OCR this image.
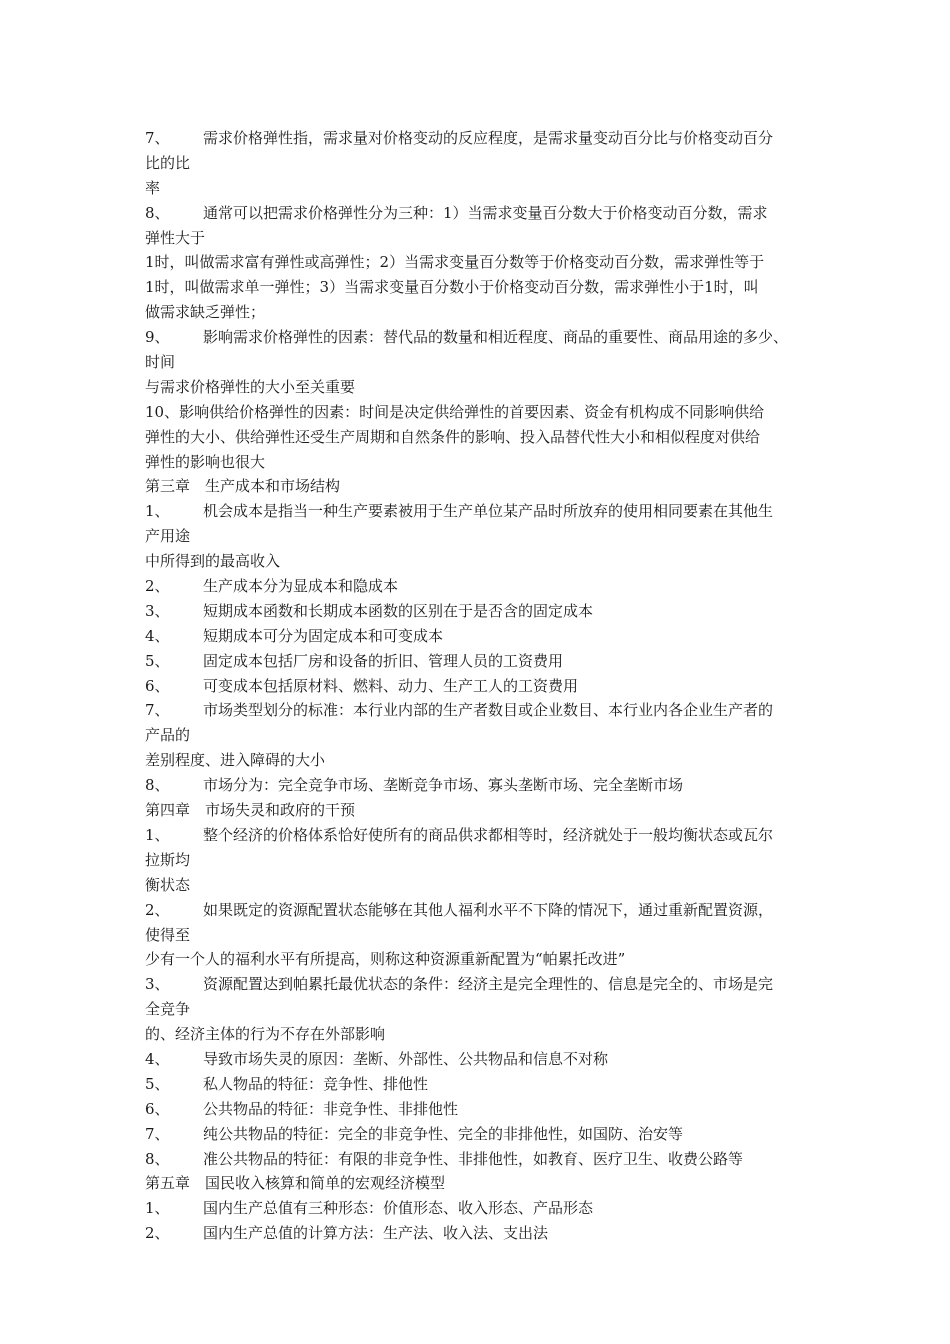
7、 需求价格弹性指，需求量对价格变动的反应程度，是需求量变动百分比与价格变动百分
比的比
率
8、 通常可以把需求价格弹性分为三种：1）当需求变量百分数大于价格变动百分数，需求
弹性大于
1时，叫做需求富有弹性或高弹性；2）当需求变量百分数等于价格变动百分数，需求弹性等于
1时，叫做需求单一弹性；3）当需求变量百分数小于价格变动百分数，需求弹性小于1时，叫
做需求缺乏弹性；
9、 影响需求价格弹性的因素：替代品的数量和相近程度、商品的重要性、商品用途的多少、
时间
与需求价格弹性的大小至关重要
10、影响供给价格弹性的因素：时间是决定供给弹性的首要因素、资金有机构成不同影响供给
弹性的大小、供给弹性还受生产周期和自然条件的影响、投入品替代性大小和相似程度对供给
弹性的影响也很大
第三章　生产成本和市场结构
1、 机会成本是指当一种生产要素被用于生产单位某产品时所放弃的使用相同要素在其他生
产用途
中所得到的最高收入
2、 生产成本分为显成本和隐成本
3、 短期成本函数和长期成本函数的区别在于是否含的固定成本
4、 短期成本可分为固定成本和可变成本
5、 固定成本包括厂房和设备的折旧、管理人员的工资费用
6、 可变成本包括原材料、燃料、动力、生产工人的工资费用
7、 市场类型划分的标准：本行业内部的生产者数目或企业数目、本行业内各企业生产者的
产品的
差别程度、进入障碍的大小
8、 市场分为：完全竞争市场、垄断竞争市场、寡头垄断市场、完全垄断市场
第四章　市场失灵和政府的干预
1、 整个经济的价格体系恰好使所有的商品供求都相等时，经济就处于一般均衡状态或瓦尔
拉斯均
衡状态
2、 如果既定的资源配置状态能够在其他人福利水平不下降的情况下，通过重新配置资源，
使得至
少有一个人的福利水平有所提高，则称这种资源重新配置为“帕累托改进”
3、 资源配置达到帕累托最优状态的条件：经济主是完全理性的、信息是完全的、市场是完
全竞争
的、经济主体的行为不存在外部影响
4、 导致市场失灵的原因：垄断、外部性、公共物品和信息不对称
5、 私人物品的特征：竞争性、排他性
6、 公共物品的特征：非竞争性、非排他性
7、 纯公共物品的特征：完全的非竞争性、完全的非排他性，如国防、治安等
8、 准公共物品的特征：有限的非竞争性、非排他性，如教育、医疗卫生、收费公路等
第五章　国民收入核算和简单的宏观经济模型
1、 国内生产总值有三种形态：价值形态、收入形态、产品形态
2、 国内生产总值的计算方法：生产法、收入法、支出法
